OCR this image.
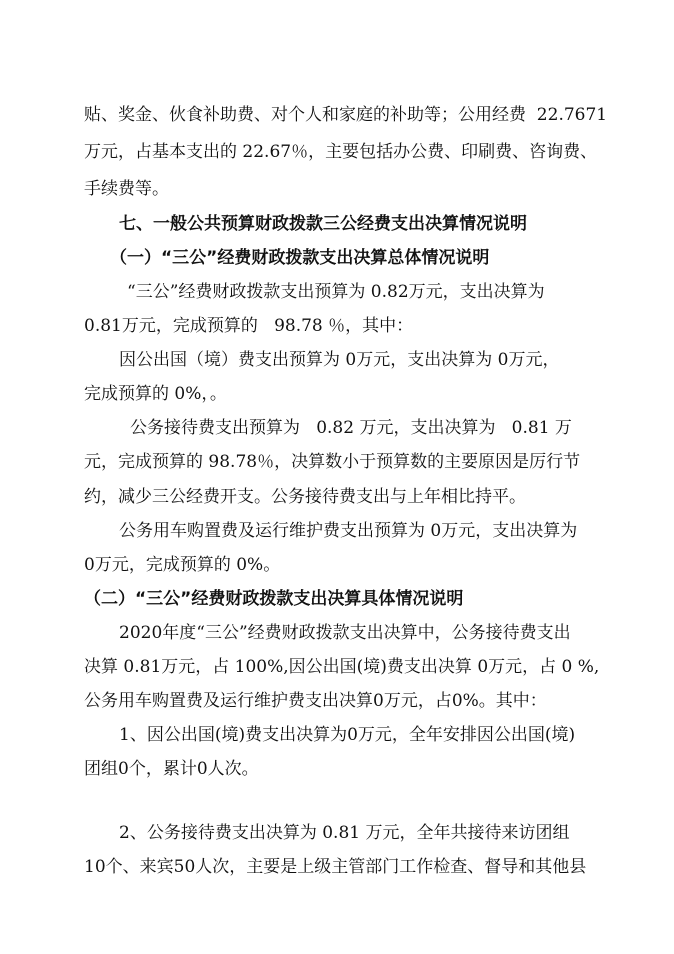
贴、奖金、伙食补助费、对个人和家庭的补助等；公用经费  22.7671
万元，占基本支出的 22.67％，主要包括办公费、印刷费、咨询费、
手续费等。
七、一般公共预算财政拨款三公经费支出决算情况说明
（一）“三公”经费财政拨款支出决算总体情况说明
“三公”经费财政拨款支出预算为 0.82万元，支出决算为
0.81万元，完成预算的   98.78 ％，其中：
因公出国（境）费支出预算为 0万元，支出决算为 0万元，
完成预算的 0%，。
公务接待费支出预算为   0.82 万元，支出决算为   0.81 万
元，完成预算的 98.78％，决算数小于预算数的主要原因是厉行节
约，减少三公经费开支。公务接待费支出与上年相比持平。
公务用车购置费及运行维护费支出预算为 0万元，支出决算为
0万元，完成预算的 0%。
（二）“三公”经费财政拨款支出决算具体情况说明
2020年度“三公”经费财政拨款支出决算中，公务接待费支出
决算 0.81万元，占 100%,因公出国(境)费支出决算 0万元，占 0 %,
公务用车购置费及运行维护费支出决算0万元，占0%。其中：
1、因公出国(境)费支出决算为0万元，全年安排因公出国(境)
团组0个，累计0人次。
2、公务接待费支出决算为 0.81 万元，全年共接待来访团组
10个、来宾50人次，主要是上级主管部门工作检查、督导和其他县
